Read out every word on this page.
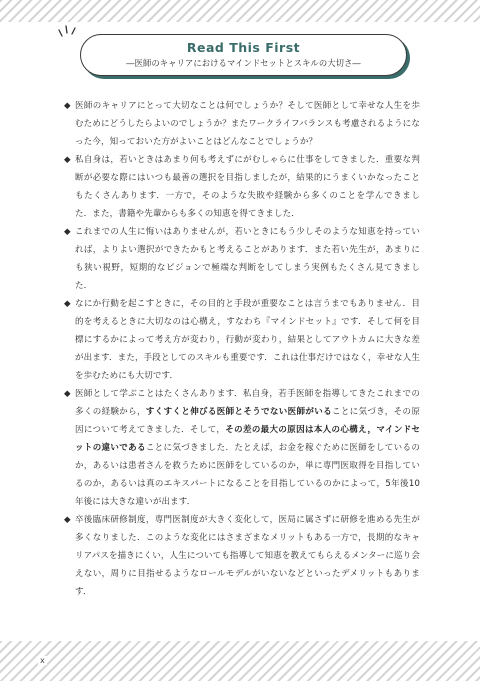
Read This First
―医師のキャリアにおけるマインドセットとスキルの大切さ―
◆ 医師のキャリアにとって大切なことは何でしょうか？そして医師として幸せな人生を歩むためにどうしたらよいのでしょうか？またワークライフバランスも考慮されるようになった今，知っておいた方がよいことはどんなことでしょうか？
◆ 私自身は，若いときはあまり何も考えずにがむしゃらに仕事をしてきました．重要な判断が必要な際にはいつも最善の選択を目指しましたが，結果的にうまくいかなったこともたくさんあります．一方で，そのような失敗や経験から多くのことを学んできました．また，書籍や先輩からも多くの知恵を得てきました．
◆ これまでの人生に悔いはありませんが，若いときにもう少しそのような知恵を持っていれば，よりよい選択ができたかもと考えることがあります．また若い先生が，あまりにも狭い視野，短期的なビジョンで極端な判断をしてしまう実例もたくさん見てきました．
◆ なにか行動を起こすときに，その目的と手段が重要なことは言うまでもありません．目的を考えるときに大切なのは心構え，すなわち『マインドセット』です．そして何を目標にするかによって考え方が変わり，行動が変わり，結果としてアウトカムに大きな差が出ます．また，手段としてのスキルも重要です．これは仕事だけではなく，幸せな人生を歩むためにも大切です．
◆ 医師として学ぶことはたくさんあります．私自身，若手医師を指導してきたこれまでの多くの経験から，すくすくと伸びる医師とそうでない医師がいることに気づき，その原因について考えてきました．そして，その差の最大の原因は本人の心構え，マインドセットの違いであることに気づきました．たとえば，お金を稼ぐために医師をしているのか，あるいは患者さんを救うために医師をしているのか，単に専門医取得を目指しているのか，あるいは真のエキスパートになることを目指しているのかによって，5年後10年後には大きな違いが出ます．
◆ 卒後臨床研修制度，専門医制度が大きく変化して，医局に属さずに研修を進める先生が多くなりました．このような変化にはさまざまなメリットもある一方で，長期的なキャリアパスを描きにくい，人生についても指導して知恵を教えてもらえるメンターに巡り会えない，周りに目指せるようなロールモデルがいないなどといったデメリットもあります．
x
